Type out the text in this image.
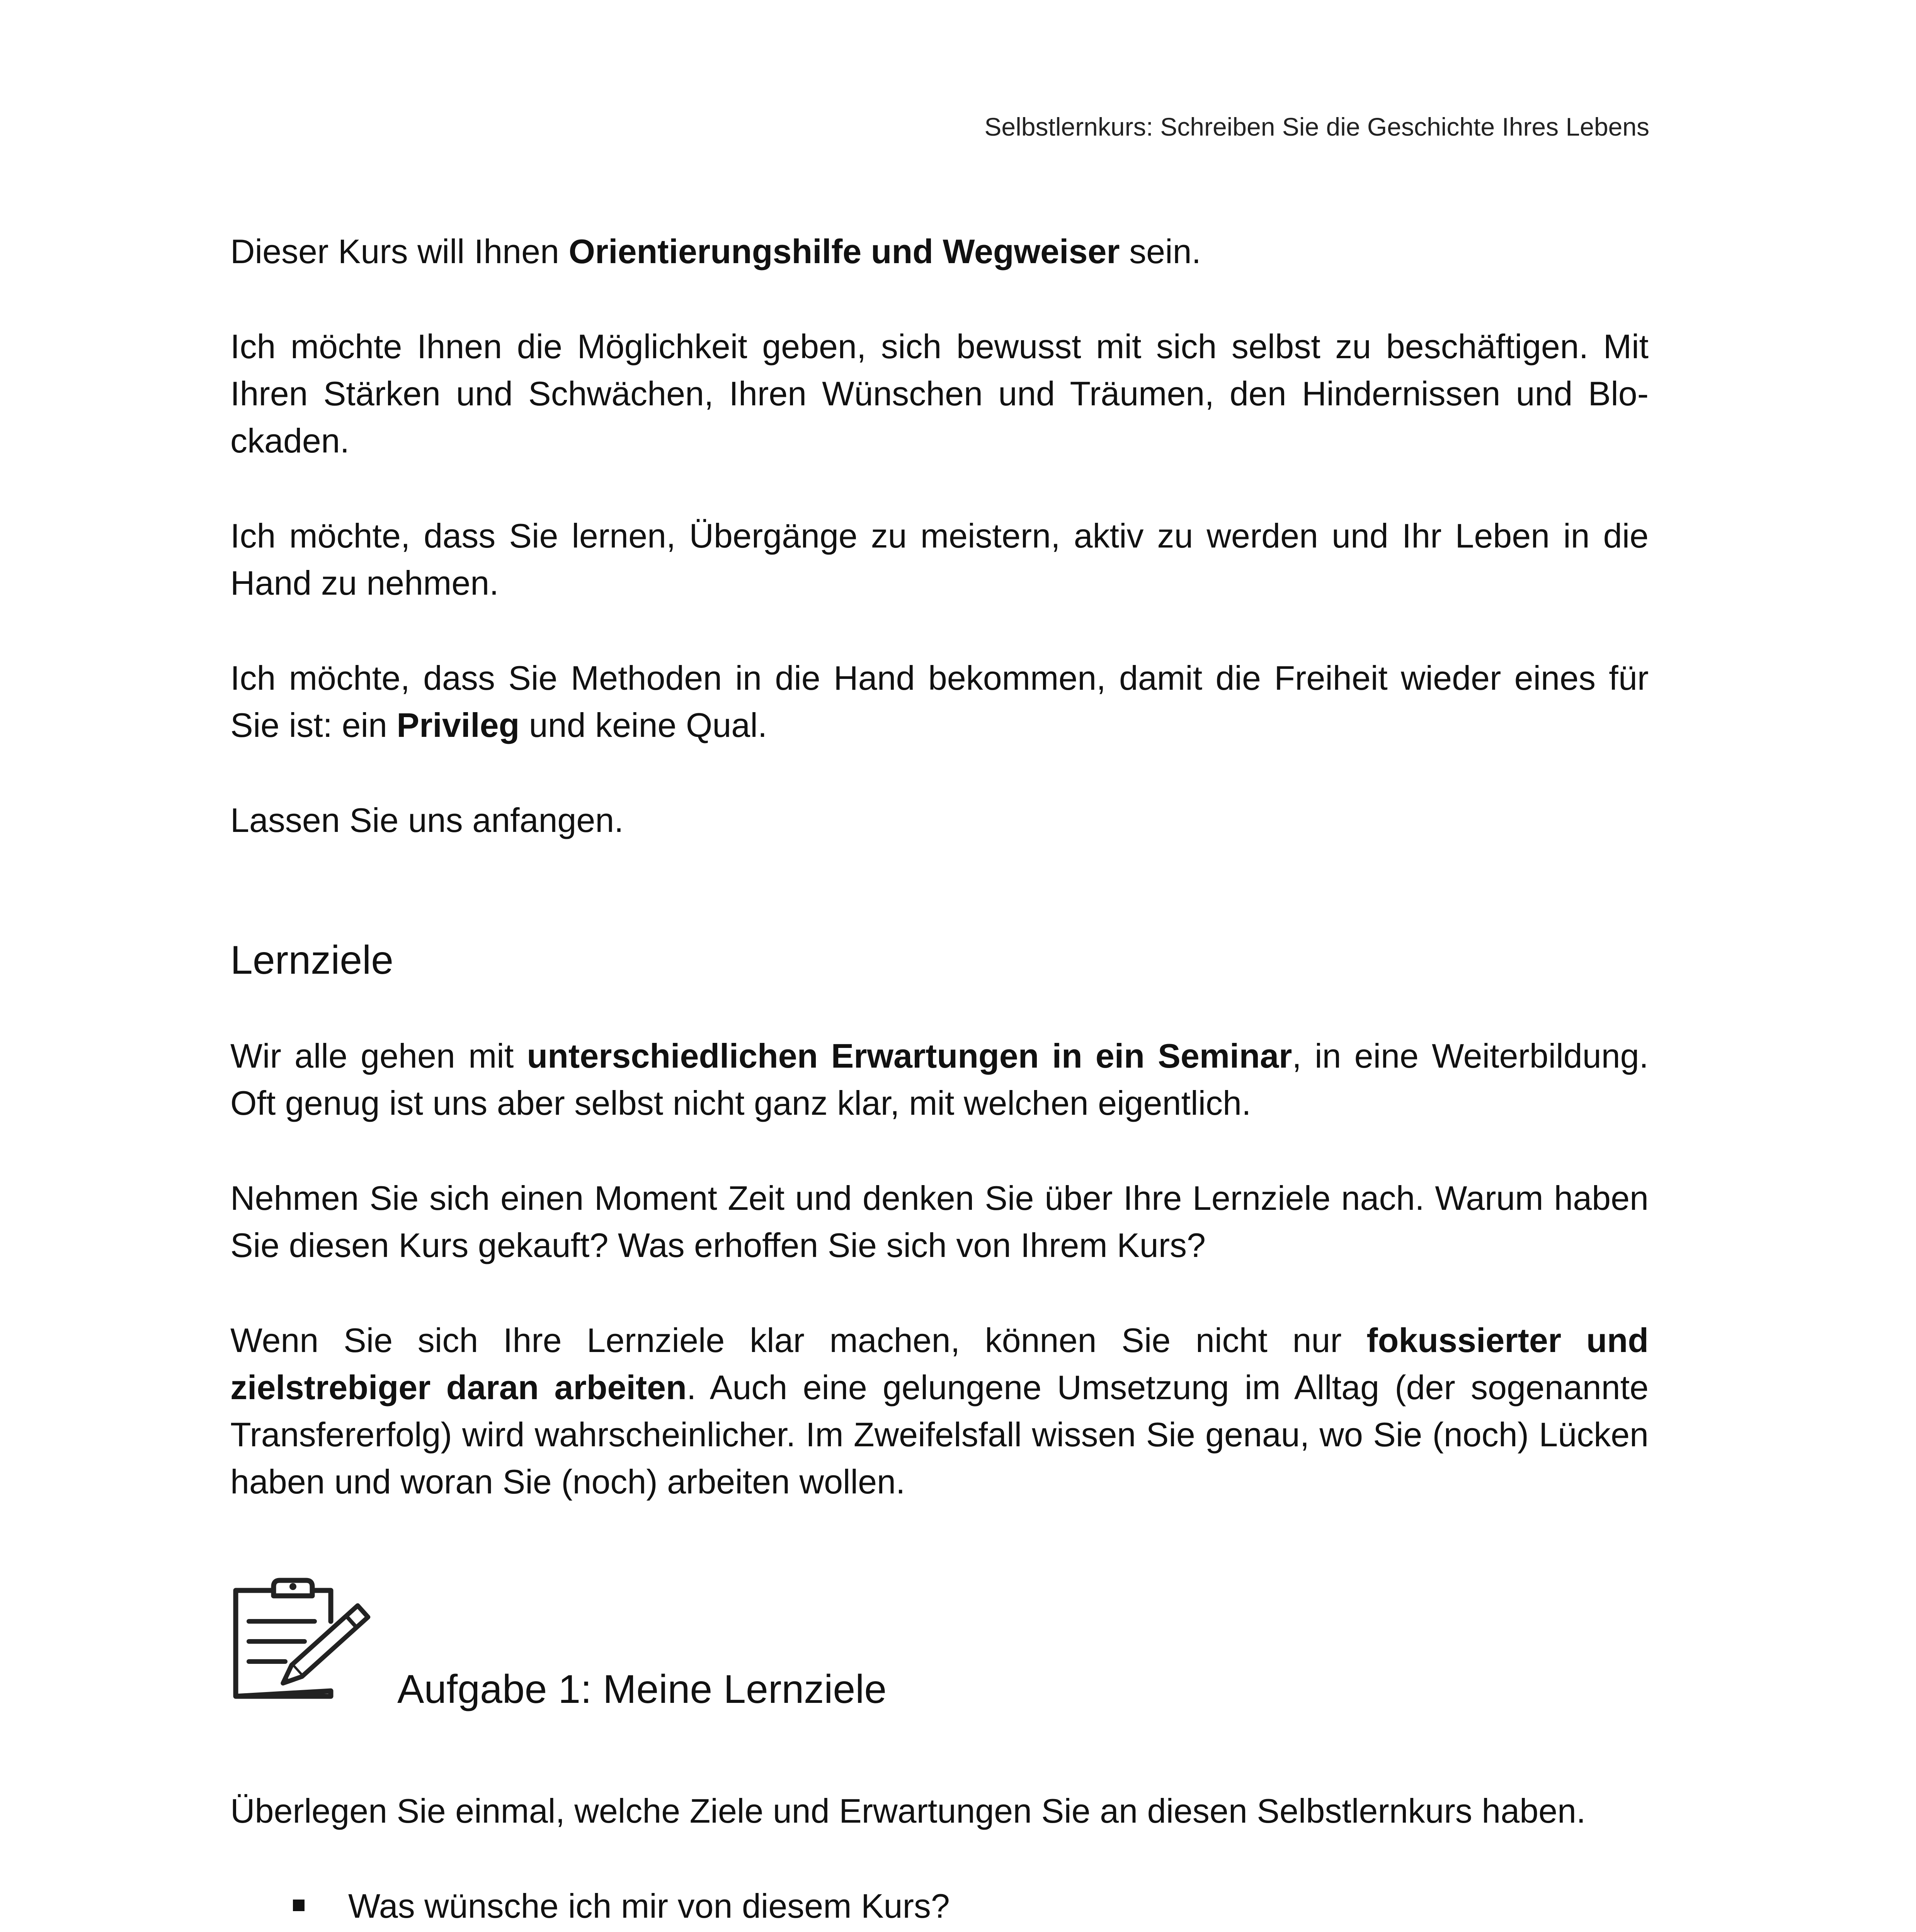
Selbstlernkurs: Schreiben Sie die Geschichte Ihres Lebens

Dieser Kurs will Ihnen Orientierungshilfe und Wegweiser sein.

Ich möchte Ihnen die Möglichkeit geben, sich bewusst mit sich selbst zu beschäftigen. Mit Ihren Stärken und Schwächen, Ihren Wünschen und Träumen, den Hindernissen und Blo-ckaden.

Ich möchte, dass Sie lernen, Übergänge zu meistern, aktiv zu werden und Ihr Leben in die Hand zu nehmen.

Ich möchte, dass Sie Methoden in die Hand bekommen, damit die Freiheit wieder eines für Sie ist: ein Privileg und keine Qual.

Lassen Sie uns anfangen.

Lernziele

Wir alle gehen mit unterschiedlichen Erwartungen in ein Seminar, in eine Weiterbildung. Oft genug ist uns aber selbst nicht ganz klar, mit welchen eigentlich.

Nehmen Sie sich einen Moment Zeit und denken Sie über Ihre Lernziele nach. Warum haben Sie diesen Kurs gekauft? Was erhoffen Sie sich von Ihrem Kurs?

Wenn Sie sich Ihre Lernziele klar machen, können Sie nicht nur fokussierter und zielstrebiger daran arbeiten. Auch eine gelungene Umsetzung im Alltag (der sogenannte Transfererfolg) wird wahrscheinlicher. Im Zweifelsfall wissen Sie genau, wo Sie (noch) Lücken haben und woran Sie (noch) arbeiten wollen.

Aufgabe 1: Meine Lernziele

Überlegen Sie einmal, welche Ziele und Erwartungen Sie an diesen Selbstlernkurs haben.

Was wünsche ich mir von diesem Kurs?
